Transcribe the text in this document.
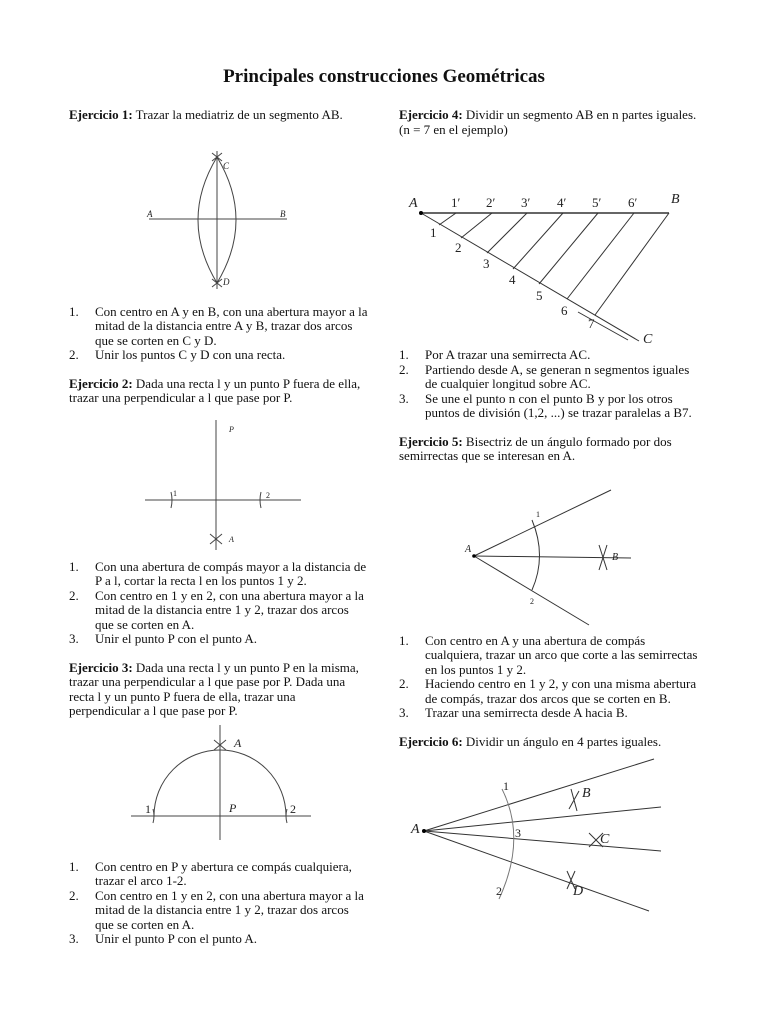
Principales construcciones Geométricas

Ejercicio 1: Trazar la mediatriz de un segmento AB.

C
A	B
D
1. Con centro en A y en B, con una abertura mayor a la mitad de la distancia entre A y B, trazar dos arcos que se corten en C y D.
2. Unir los puntos C y D con una recta.

Ejercicio 2: Dada una recta l y un punto P fuera de ella, trazar una perpendicular a l que pase por P.

P
1	2
A
1. Con una abertura de compás mayor a la distancia de P a l, cortar la recta l en los puntos 1 y 2.
2. Con centro en 1 y en 2, con una abertura mayor a la mitad de la distancia entre 1 y 2, trazar dos arcos que se corten en A.
3. Unir el punto P con el punto A.

Ejercicio 3: Dada una recta l y un punto P en la misma, trazar una perpendicular a l que pase por P. Dada una recta l y un punto P fuera de ella, trazar una perpendicular a l que pase por P.

A
1	P	2
1. Con centro en P y abertura ce compás cualquiera, trazar el arco 1-2.
2. Con centro en 1 y en 2, con una abertura mayor a la mitad de la distancia entre 1 y 2, trazar dos arcos que se corten en A.
3. Unir el punto P con el punto A.

Ejercicio 4: Dividir un segmento AB en n partes iguales. (n = 7 en el ejemplo)

A	B
C
1′ 2′ 3′ 4′ 5′ 6′
1
2
3
4
5
6
7
1. Por A trazar una semirrecta AC.
2. Partiendo desde A, se generan n segmentos iguales de cualquier longitud sobre AC.
3. Se une el punto n con el punto B y por los otros puntos de división (1,2, ...) se trazar paralelas a B7.

Ejercicio 5: Bisectriz de un ángulo formado por dos semirrectas que se interesan en A.

A
1
B
2
1. Con centro en A y una abertura de compás cualquiera, trazar un arco que corte a las semirrectas en los puntos 1 y 2.
2. Haciendo centro en 1 y 2, y con una misma abertura de compás, trazar dos arcos que se corten en B.
3. Trazar una semirrecta desde A hacia B.

Ejercicio 6: Dividir un ángulo en 4 partes iguales.

A
1	B
3	C
2	D
